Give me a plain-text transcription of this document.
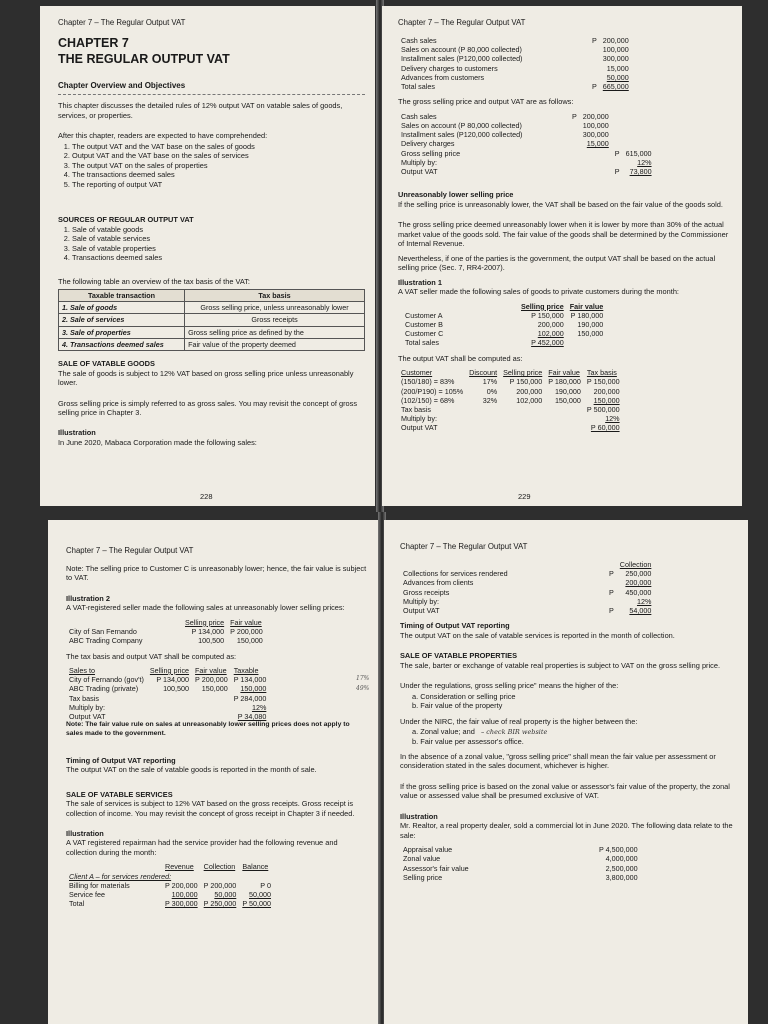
Chapter 7 – The Regular Output VAT
CHAPTER 7
THE REGULAR OUTPUT VAT
Chapter Overview and Objectives

This chapter discusses the detailed rules of 12% output VAT on vatable sales of goods, services, or properties.

After this chapter, readers are expected to have comprehended:

1. The output VAT and the VAT base on the sales of goods
2. Output VAT and the VAT base on the sales of services
3. The output VAT on the sales of properties
4. The transactions deemed sales
5. The reporting of output VAT
SOURCES OF REGULAR OUTPUT VAT
1. Sale of vatable goods
2. Sale of vatable services
3. Sale of vatable properties
4. Transactions deemed sales

The following table an overview of the tax basis of the VAT:

Taxable transaction	Tax basis
1. Sale of goods	Gross selling price, unless unreasonably lower
2. Sale of services	Gross receipts
3. Sale of properties	Gross selling price as defined by the
4. Transactions deemed sales	Fair value of the property deemed
SALE OF VATABLE GOODS

The sale of goods is subject to 12% VAT based on gross selling price unless unreasonably lower.

Gross selling price is simply referred to as gross sales. You may revisit the concept of gross selling price in Chapter 3.

Illustration

In June 2020, Mabaca Corporation made the following sales:

228
Chapter 7 – The Regular Output VAT
Cash sales	P	200,000
Sales on account (P 80,000 collected)		100,000
Installment sales (P120,000 collected)		300,000
Delivery charges to customers		15,000
Advances from customers		50,000
Total sales	P	665,000

The gross selling price and output VAT are as follows:

Cash sales	P	200,000		
Sales on account (P 80,000 collected)		100,000		
Installment sales (P120,000 collected)		300,000		
Delivery charges		15,000		
Gross selling price			P	615,000
Multiply by:				12%
Output VAT			P	73,800
Unreasonably lower selling price

If the selling price is unreasonably lower, the VAT shall be based on the fair value of the goods sold.

The gross selling price deemed unreasonably lower when it is lower by more than 30% of the actual market value of the goods sold. The fair value of the goods shall be determined by the Commissioner of Internal Revenue.

Nevertheless, if one of the parties is the government, the output VAT shall be based on the actual selling price (Sec. 7, RR4-2007).

Illustration 1

A VAT seller made the following sales of goods to private customers during the month:

	Selling price	Fair value
Customer A	P 150,000	P 180,000
Customer B	200,000	190,000
Customer C	102,000	150,000
Total sales	P 452,000	

The output VAT shall be computed as:

Customer	Discount	Selling price	Fair value	Tax basis
(150/180) = 83%	17%	P 150,000	P 180,000	P 150,000
(200/P190) = 105%	0%	200,000	190,000	200,000
(102/150) = 68%	32%	102,000	150,000	150,000
Tax basis				P 500,000
Multiply by:				12%
Output VAT				P 60,000
229
Chapter 7 – The Regular Output VAT

Note: The selling price to Customer C is unreasonably lower; hence, the fair value is subject to VAT.

Illustration 2

A VAT-registered seller made the following sales at unreasonably lower selling prices:

	Selling price	Fair value
City of San Fernando	P 134,000	P 200,000
ABC Trading Company	100,500	150,000

The tax basis and output VAT shall be computed as:

Sales to	Selling price	Fair value	Taxable
City of Fernando (gov't)	P 134,000	P 200,000	P 134,000
ABC Trading (private)	100,500	150,000	150,000
Tax basis			P 284,000
Multiply by:			12%
Output VAT			P 34,080
17%
49%

Note: The fair value rule on sales at unreasonably lower selling prices does not apply to sales made to the government.

Timing of Output VAT reporting

The output VAT on the sale of vatable goods is reported in the month of sale.

SALE OF VATABLE SERVICES

The sale of services is subject to 12% VAT based on the gross receipts. Gross receipt is collection of income. You may revisit the concept of gross receipt in Chapter 3 if needed.

Illustration

A VAT registered repairman had the service provider had the following revenue and collection during the month:

	Revenue	Collection	Balance
Client A – for services rendered:			
Billing for materials	P 200,000	P 200,000	P 0
Service fee	100,000	50,000	50,000
Total	P 300,000	P 250,000	P 50,000
Chapter 7 – The Regular Output VAT
		Collection
Collections for services rendered	P	250,000
Advances from clients		200,000
Gross receipts	P	450,000
Multiply by:		12%
Output VAT	P	54,000
Timing of Output VAT reporting

The output VAT on the sale of vatable services is reported in the month of collection.

SALE OF VATABLE PROPERTIES

The sale, barter or exchange of vatable real properties is subject to VAT on the gross selling price.

Under the regulations, gross selling price" means the higher of the:

a. Consideration or selling price
b. Fair value of the property

Under the NIRC, the fair value of real property is the higher between the:

a. Zonal value; and – check BIR website
b. Fair value per assessor's office.

In the absence of a zonal value, "gross selling price" shall mean the fair value per assessment or consideration stated in the sales document, whichever is higher.

If the gross selling price is based on the zonal value or assessor's fair value of the property, the zonal value or assessed value shall be presumed exclusive of VAT.

Illustration

Mr. Realtor, a real property dealer, sold a commercial lot in June 2020. The following data relate to the sale:

Appraisal value	P 4,500,000
Zonal value	4,000,000
Assessor's fair value	2,500,000
Selling price	3,800,000
